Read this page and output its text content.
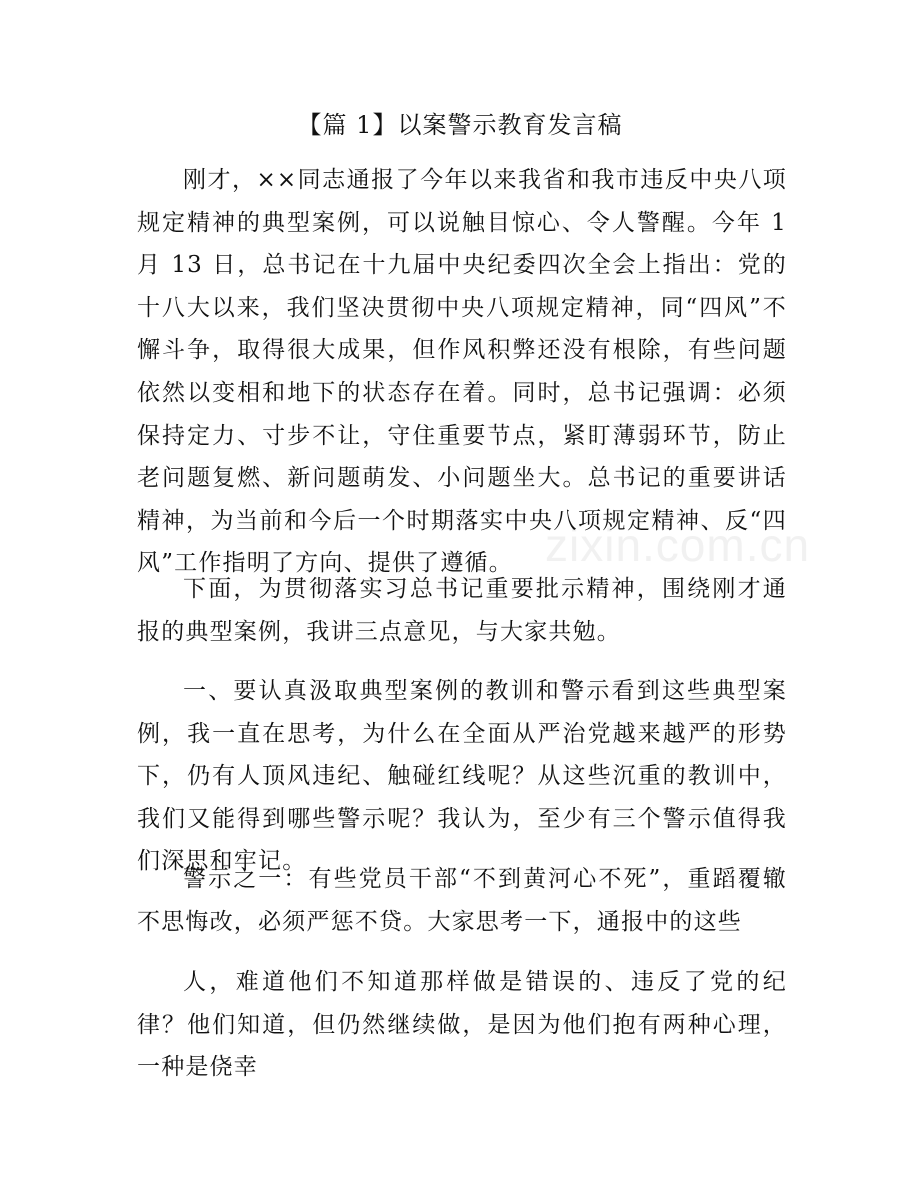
zixin.com.cn
【篇 1】以案警示教育发言稿

刚才，××同志通报了今年以来我省和我市违反中央八项规定精神的典型案例，可以说触目惊心、令人警醒。今年 1 月 13 日，总书记在十九届中央纪委四次全会上指出：党的十八大以来，我们坚决贯彻中央八项规定精神，同“四风”不懈斗争，取得很大成果，但作风积弊还没有根除，有些问题依然以变相和地下的状态存在着。同时，总书记强调：必须保持定力、寸步不让，守住重要节点，紧盯薄弱环节，防止老问题复燃、新问题萌发、小问题坐大。总书记的重要讲话精神，为当前和今后一个时期落实中央八项规定精神、反“四风”工作指明了方向、提供了遵循。

下面，为贯彻落实习总书记重要批示精神，围绕刚才通报的典型案例，我讲三点意见，与大家共勉。

一、要认真汲取典型案例的教训和警示看到这些典型案例，我一直在思考，为什么在全面从严治党越来越严的形势下，仍有人顶风违纪、触碰红线呢？从这些沉重的教训中，我们又能得到哪些警示呢？我认为，至少有三个警示值得我们深思和牢记。

警示之一：有些党员干部“不到黄河心不死”，重蹈覆辙不思悔改，必须严惩不贷。大家思考一下，通报中的这些

人，难道他们不知道那样做是错误的、违反了党的纪律？他们知道，但仍然继续做，是因为他们抱有两种心理，一种是侥幸
